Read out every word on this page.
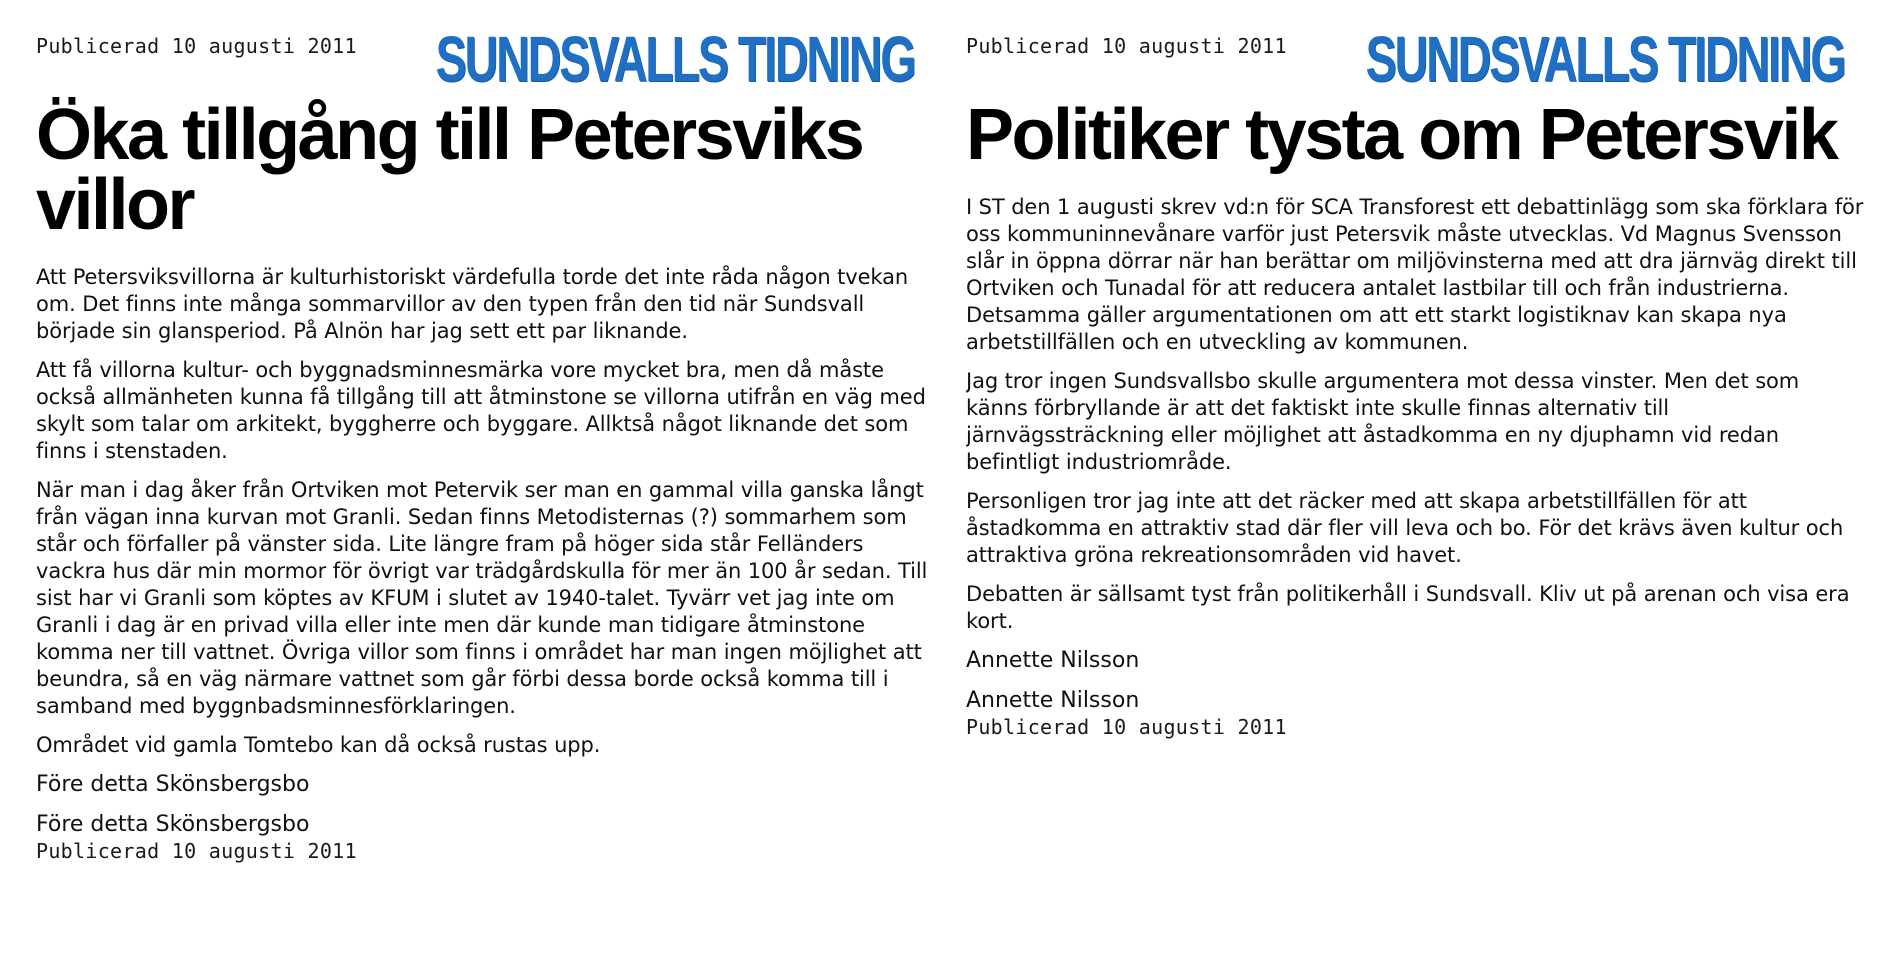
Publicerad 10 augusti 2011 SUNDSVALLS TIDNING
Öka tillgång till Petersviks
villor

Att Petersviksvillorna är kulturhistoriskt värdefulla torde det inte råda någon tvekan om. Det finns inte många sommarvillor av den typen från den tid när Sundsvall började sin glansperiod. På Alnön har jag sett ett par liknande.

Att få villorna kultur- och byggnadsminnesmärka vore mycket bra, men då måste också allmänheten kunna få tillgång till att åtminstone se villorna utifrån en väg med skylt som talar om arkitekt, byggherre och byggare. Allktså något liknande det som finns i stenstaden.

När man i dag åker från Ortviken mot Petervik ser man en gammal villa ganska långt från vägan inna kurvan mot Granli. Sedan finns Metodisternas (?) sommarhem som står och förfaller på vänster sida. Lite längre fram på höger sida står Felländers vackra hus där min mormor för övrigt var trädgårdskulla för mer än 100 år sedan. Till sist har vi Granli som köptes av KFUM i slutet av 1940-talet. Tyvärr vet jag inte om Granli i dag är en privad villa eller inte men där kunde man tidigare åtminstone komma ner till vattnet. Övriga villor som finns i området har man ingen möjlighet att beundra, så en väg närmare vattnet som går förbi dessa borde också komma till i samband med byggnbadsminnesförklaringen.

Området vid gamla Tomtebo kan då också rustas upp.

Före detta Skönsbergsbo
Före detta Skönsbergsbo
Publicerad 10 augusti 2011
Publicerad 10 augusti 2011 SUNDSVALLS TIDNING
Politiker tysta om Petersvik

I ST den 1 augusti skrev vd:n för SCA Transforest ett debattinlägg som ska förklara för oss kommuninnevånare varför just Petersvik måste utvecklas. Vd Magnus Svensson slår in öppna dörrar när han berättar om miljövinsterna med att dra järnväg direkt till Ortviken och Tunadal för att reducera antalet lastbilar till och från industrierna. Detsamma gäller argumentationen om att ett starkt logistiknav kan skapa nya arbetstillfällen och en utveckling av kommunen.

Jag tror ingen Sundsvallsbo skulle argumentera mot dessa vinster. Men det som känns förbryllande är att det faktiskt inte skulle finnas alternativ till järnvägssträckning eller möjlighet att åstadkomma en ny djuphamn vid redan befintligt industriområde.

Personligen tror jag inte att det räcker med att skapa arbetstillfällen för att åstadkomma en attraktiv stad där fler vill leva och bo. För det krävs även kultur och attraktiva gröna rekreationsområden vid havet.

Debatten är sällsamt tyst från politikerhåll i Sundsvall. Kliv ut på arenan och visa era kort.

Annette Nilsson
Annette Nilsson
Publicerad 10 augusti 2011
